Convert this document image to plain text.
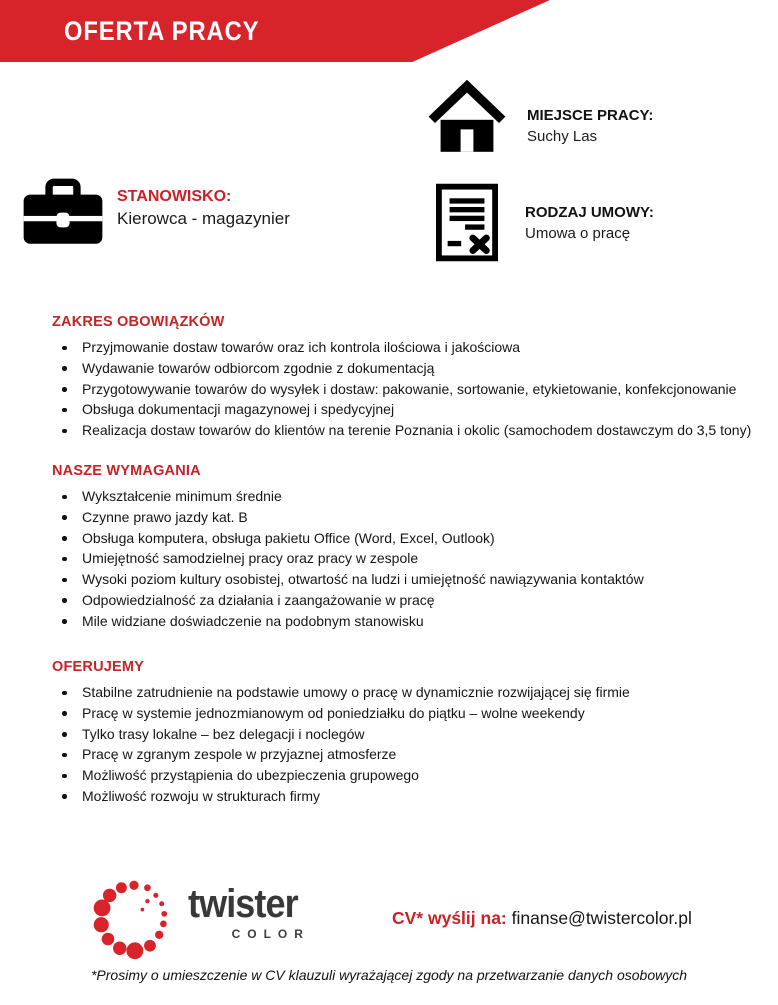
OFERTA PRACY
MIEJSCE PRACY:
Suchy Las
STANOWISKO:
Kierowca - magazynier	RODZAJ UMOWY:
Umowa o pracę
ZAKRES OBOWIĄZKÓW
Przyjmowanie dostaw towarów oraz ich kontrola ilościowa i jakościowa
Wydawanie towarów odbiorcom zgodnie z dokumentacją
Przygotowywanie towarów do wysyłek i dostaw: pakowanie, sortowanie, etykietowanie, konfekcjonowanie
Obsługa dokumentacji magazynowej i spedycyjnej
Realizacja dostaw towarów do klientów na terenie Poznania i okolic (samochodem dostawczym do 3,5 tony)
NASZE WYMAGANIA
Wykształcenie minimum średnie
Czynne prawo jazdy kat. B
Obsługa komputera, obsługa pakietu Office (Word, Excel, Outlook)
Umiejętność samodzielnej pracy oraz pracy w zespole
Wysoki poziom kultury osobistej, otwartość na ludzi i umiejętność nawiązywania kontaktów
Odpowiedzialność za działania i zaangażowanie w pracę
Mile widziane doświadczenie na podobnym stanowisku
OFERUJEMY
Stabilne zatrudnienie na podstawie umowy o pracę w dynamicznie rozwijającej się firmie
Pracę w systemie jednozmianowym od poniedziałku do piątku – wolne weekendy
Tylko trasy lokalne – bez delegacji i noclegów
Pracę w zgranym zespole w przyjaznej atmosferze
Możliwość przystąpienia do ubezpieczenia grupowego
Możliwość rozwoju w strukturach firmy
twister
COLOR
CV* wyślij na: finanse@twistercolor.pl
*Prosimy o umieszczenie w CV klauzuli wyrażającej zgody na przetwarzanie danych osobowych
